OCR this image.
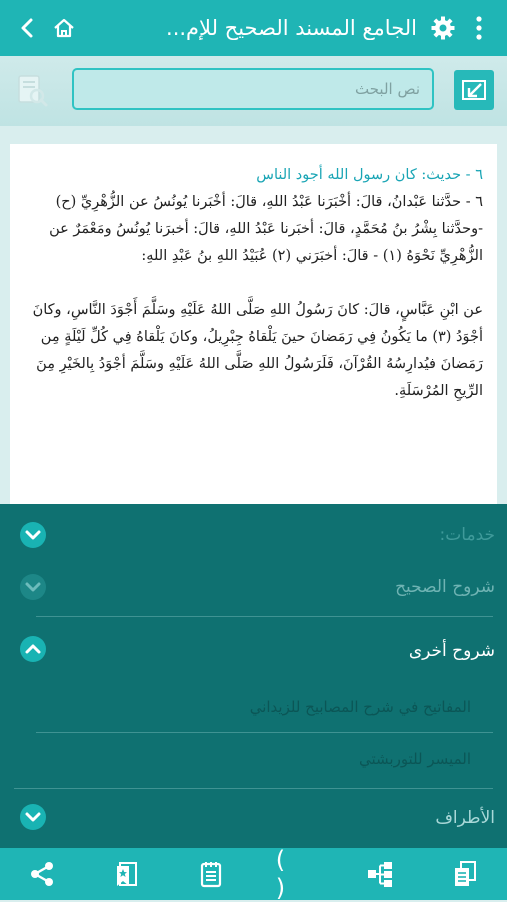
الجامع المسند الصحيح للإم...
نص البحث

٦ - حديث: كان رسول الله أجود الناس

٦ - حدَّثنا عَبْدانُ، قالَ: أخْبَرَنا عَبْدُ اللهِ، قالَ: أخْبَرنا يُونُسُ عن الزُّهْرِيِّ (ح) -وحدَّثنا بِشْرُ بنُ مُحَمَّدٍ، قالَ: أخبَرنا عَبْدُ اللهِ، قالَ: أخبرَنا يُونُسُ ومَعْمَرٌ عن الزُّهْرِيِّ نَحْوَهُ (١) - قالَ: أخبَرَني (٢) عُبَيْدُ اللهِ بنُ عَبْدِ اللهِ:

عن ابْنِ عَبَّاسٍ، قالَ: كانَ رَسُولُ اللهِ صَلَّى اللهُ عَلَيْهِ وسَلَّمَ أَجْوَدَ النَّاسِ، وكانَ أجْوَدُ (٣) ما يَكُونُ فِي رَمَضانَ حينَ يَلْقاهُ جِبْرِيلُ، وكانَ يَلْقاهُ فِي كُلِّ لَيْلَةٍ مِن رَمَضانَ فيُدارِسُهُ القُرْآنَ، فَلَرَسُولُ اللهِ صَلَّى اللهُ عَلَيْهِ وسَلَّمَ أجْوَدُ بِالخَيْرِ مِنَ الرِّيحِ المُرْسَلَةِ.

خدمات:
شروح الصحيح
شروح أخرى
المفاتيح في شرح المصابيح للزيداني
الميسر للتوربشتي
الأطراف
( )
